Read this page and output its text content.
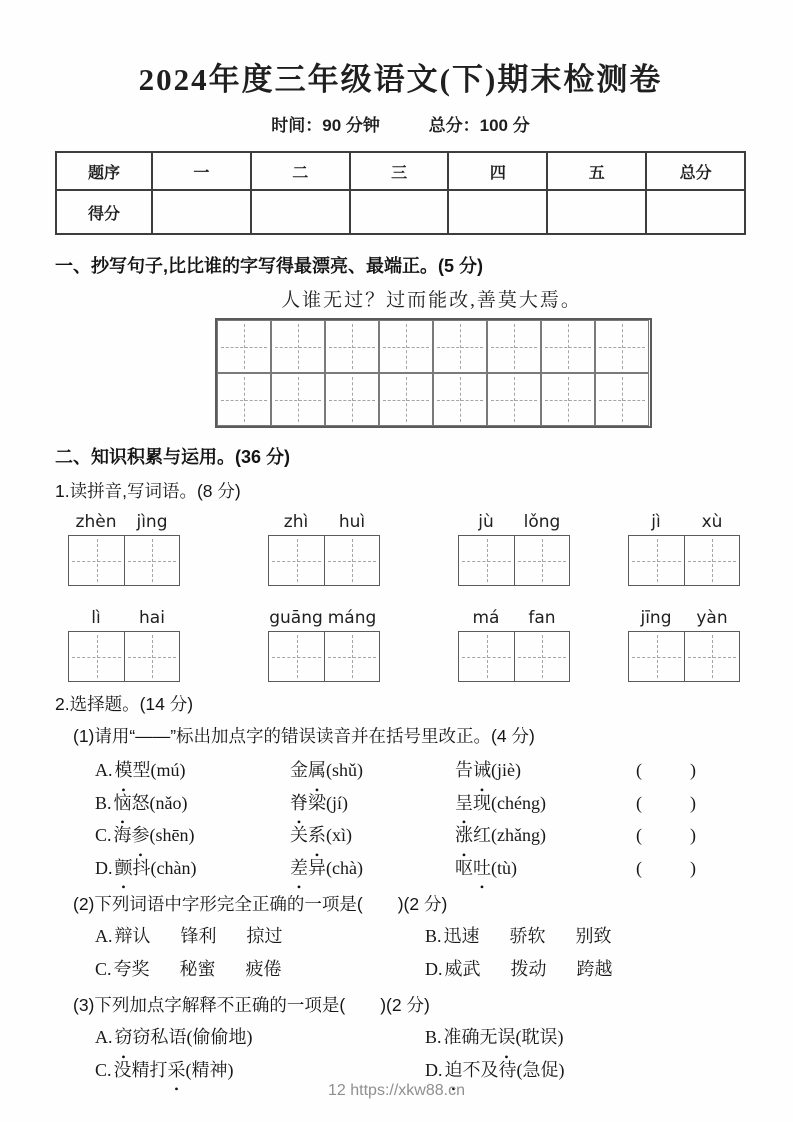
2024年度三年级语文(下)期末检测卷
时间：90 分钟	总分：100 分
题序	一	二	三	四	五	总分
得分						
一、抄写句子,比比谁的字写得最漂亮、最端正。(5 分)
人谁无过？过而能改,善莫大焉。
二、知识积累与运用。(36 分)
1.读拼音,写词语。(8 分)
zhèn	jìng	zhì	huì	jù	lǒng	jì	xù
lì	hai	guāng máng	má	fan	jīng	yàn
2.选择题。(14 分)
(1)请用“——”标出加点字的错误读音并在括号里改正。(4 分)
A. 模型(mú)	金属(shǔ)	告诫(jiè)	(　　)
B. 恼怒(nǎo)	脊梁(jí)	呈现(chéng)	(　　)
C. 海参(shēn)	关系(xì)	涨红(zhǎng)	(　　)
D. 颤抖(chàn)	差异(chà)	呕吐(tù)	(　　)
(2)下列词语中字形完全正确的一项是(　　)(2 分)
A. 辩认 锋利 掠过	B. 迅速 骄软 别致
C. 夸奖 秘蜜 疲倦	D. 威武 拨动 跨越
(3)下列加点字解释不正确的一项是(　　)(2 分)
A. 窃窃私语(偷偷地)	B. 准确无误(耽误)
C. 没精打采(精神)	D. 迫不及待(急促)
12 https://xkw88.cn
